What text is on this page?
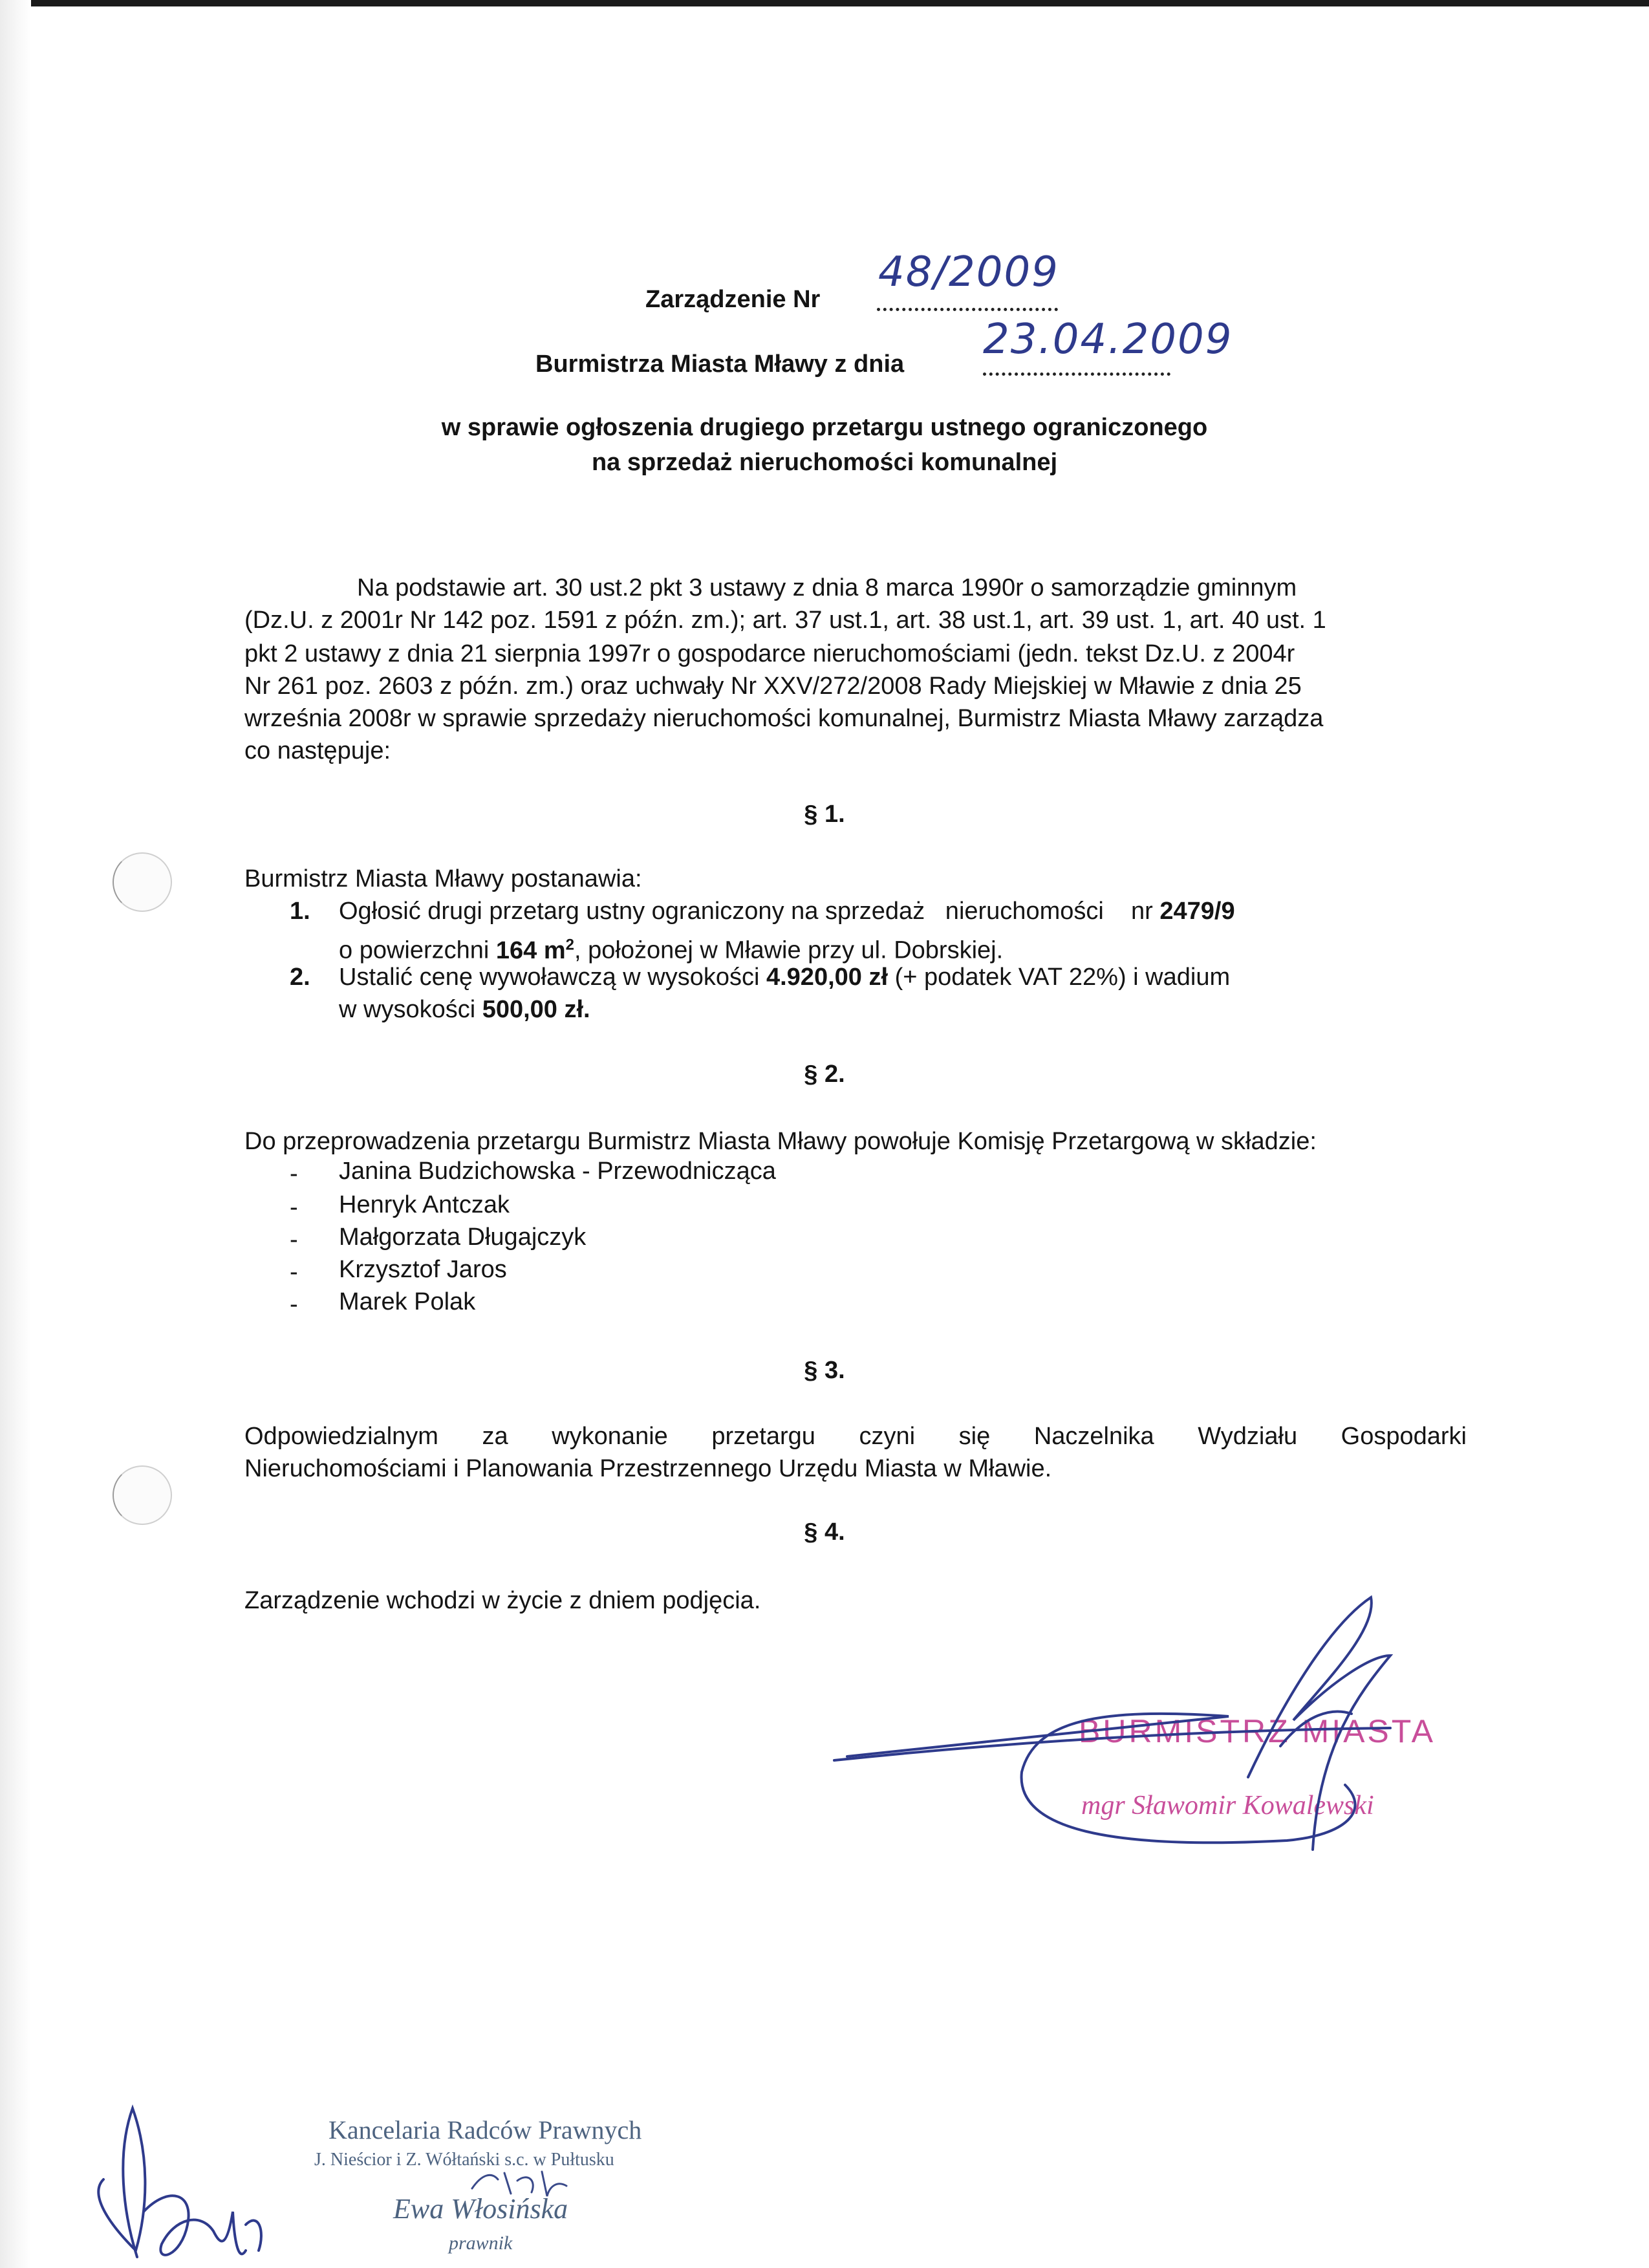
Zarządzenie Nr
48/2009
Burmistrza Miasta Mławy z dnia
23.04.2009
w sprawie ogłoszenia drugiego przetargu ustnego ograniczonego
na sprzedaż nieruchomości komunalnej
Na podstawie art. 30 ust.2 pkt 3 ustawy z dnia 8 marca 1990r o samorządzie gminnym
(Dz.U. z 2001r Nr 142 poz. 1591 z późn. zm.); art. 37 ust.1, art. 38 ust.1, art. 39 ust. 1, art. 40 ust. 1
pkt 2 ustawy z dnia 21 sierpnia 1997r o gospodarce nieruchomościami (jedn. tekst Dz.U. z 2004r
Nr 261 poz. 2603 z późn. zm.) oraz uchwały Nr XXV/272/2008 Rady Miejskiej w Mławie z dnia 25
września 2008r w sprawie sprzedaży nieruchomości komunalnej, Burmistrz Miasta Mławy zarządza
co następuje:
§ 1.
Burmistrz Miasta Mławy postanawia:
1. Ogłosić drugi przetarg ustny ograniczony na sprzedaż   nieruchomości    nr 2479/9
o powierzchni 164 $m^2$, położonej w Mławie przy ul. Dobrskiej.
2. Ustalić cenę wywoławczą w wysokości 4.920,00 zł (+ podatek VAT 22%) i wadium
w wysokości 500,00 zł.
§ 2.
Do przeprowadzenia przetargu Burmistrz Miasta Mławy powołuje Komisję Przetargową w składzie:
- Janina Budzichowska - Przewodnicząca
- Henryk Antczak
- Małgorzata Długajczyk
- Krzysztof Jaros
- Marek Polak
§ 3.
Odpowiedzialnym za wykonanie przetargu czyni się Naczelnika Wydziału Gospodarki
Nieruchomościami i Planowania Przestrzennego Urzędu Miasta w Mławie.
§ 4.
Zarządzenie wchodzi w życie z dniem podjęcia.
BURMISTRZ MIASTA
mgr Sławomir Kowalewski
Kancelaria Radców Prawnych
J. Nieścior i Z. Wółtański s.c. w Pułtusku
Ewa Włosińska
prawnik
